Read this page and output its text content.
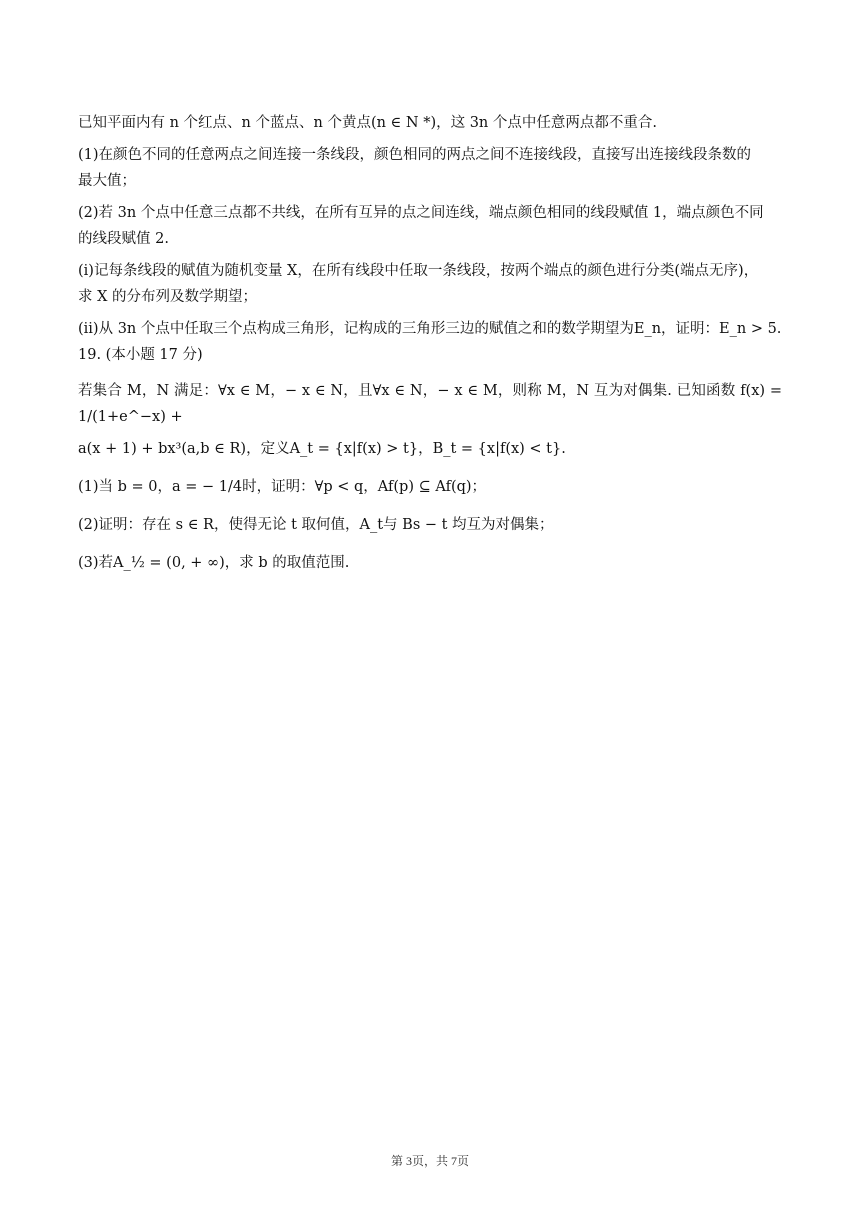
已知平面内有 n 个红点、n 个蓝点、n 个黄点(n ∈ N *)，这 3n 个点中任意两点都不重合.

(1)在颜色不同的任意两点之间连接一条线段，颜色相同的两点之间不连接线段，直接写出连接线段条数的

最大值；

(2)若 3n 个点中任意三点都不共线，在所有互异的点之间连线，端点颜色相同的线段赋值 1，端点颜色不同

的线段赋值 2.

(ⅰ)记每条线段的赋值为随机变量 X，在所有线段中任取一条线段，按两个端点的颜色进行分类(端点无序)，

求 X 的分布列及数学期望；

(ⅱ)从 3n 个点中任取三个点构成三角形，记构成的三角形三边的赋值之和的数学期望为E_n，证明：E_n > 5.

19. (本小题 17 分)

若集合 M，N 满足：∀x ∈ M，− x ∈ N，且∀x ∈ N，− x ∈ M，则称 M，N 互为对偶集. 已知函数 f(x) = 1/(1+e^−x) +

a(x + 1) + bx³(a,b ∈ R)，定义A_t = {x|f(x) > t}，B_t = {x|f(x) < t}.

(1)当 b = 0，a = − 1/4时，证明：∀p < q，Af(p) ⊆ Af(q)；

(2)证明：存在 s ∈ R，使得无论 t 取何值，A_t与 Bs − t 均互为对偶集；

(3)若A_½ = (0, + ∞)，求 b 的取值范围.

第 3页，共 7页
